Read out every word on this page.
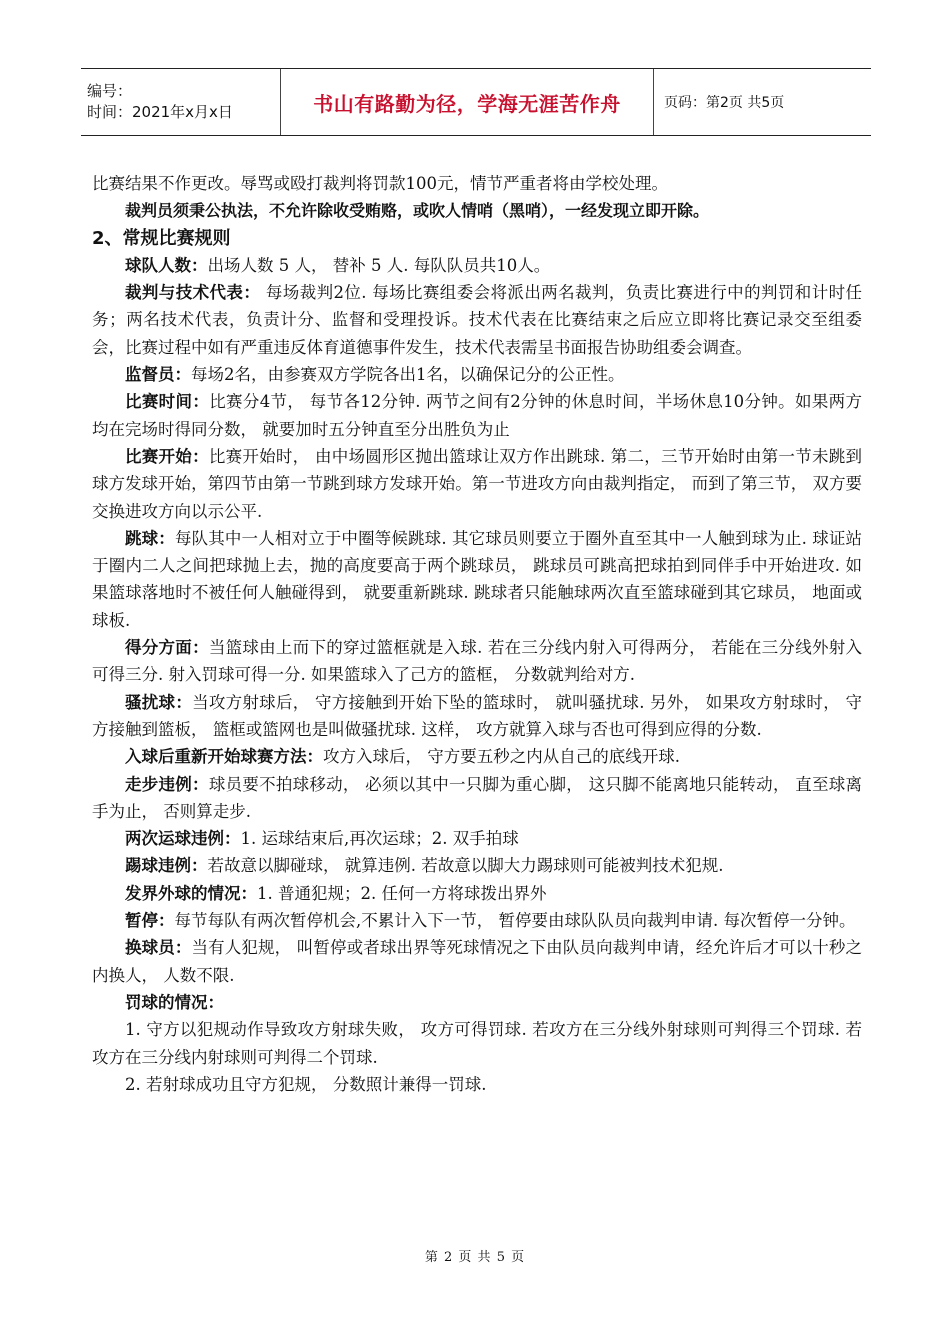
编号：
时间：2021年x月x日	书山有路勤为径，学海无涯苦作舟	页码：第2页 共5页

比赛结果不作更改。辱骂或殴打裁判将罚款100元，情节严重者将由学校处理。

裁判员须秉公执法，不允许除收受贿赂，或吹人情哨（黑哨），一经发现立即开除。

2、常规比赛规则

球队人数：出场人数 5 人， 替补 5 人. 每队队员共10人。

裁判与技术代表： 每场裁判2位. 每场比赛组委会将派出两名裁判，负责比赛进行中的判罚和计时任务；两名技术代表，负责计分、监督和受理投诉。技术代表在比赛结束之后应立即将比赛记录交至组委会，比赛过程中如有严重违反体育道德事件发生，技术代表需呈书面报告协助组委会调查。

监督员：每场2名，由参赛双方学院各出1名，以确保记分的公正性。

比赛时间：比赛分4节， 每节各12分钟. 两节之间有2分钟的休息时间，半场休息10分钟。如果两方均在完场时得同分数， 就要加时五分钟直至分出胜负为止

比赛开始：比赛开始时， 由中场圆形区抛出篮球让双方作出跳球. 第二，三节开始时由第一节未跳到球方发球开始，第四节由第一节跳到球方发球开始。第一节进攻方向由裁判指定， 而到了第三节， 双方要交换进攻方向以示公平.

跳球：每队其中一人相对立于中圈等候跳球. 其它球员则要立于圈外直至其中一人触到球为止. 球证站于圈内二人之间把球抛上去，抛的高度要高于两个跳球员， 跳球员可跳高把球拍到同伴手中开始进攻. 如果篮球落地时不被任何人触碰得到， 就要重新跳球. 跳球者只能触球两次直至篮球碰到其它球员， 地面或球板.

得分方面：当篮球由上而下的穿过篮框就是入球. 若在三分线内射入可得两分， 若能在三分线外射入可得三分. 射入罚球可得一分. 如果篮球入了己方的篮框， 分数就判给对方.

骚扰球：当攻方射球后， 守方接触到开始下坠的篮球时， 就叫骚扰球. 另外， 如果攻方射球时， 守方接触到篮板， 篮框或篮网也是叫做骚扰球. 这样， 攻方就算入球与否也可得到应得的分数.

入球后重新开始球赛方法：攻方入球后， 守方要五秒之内从自己的底线开球.

走步违例：球员要不拍球移动， 必须以其中一只脚为重心脚， 这只脚不能离地只能转动， 直至球离手为止， 否则算走步.

两次运球违例：1. 运球结束后,再次运球；2. 双手拍球

踢球违例：若故意以脚碰球， 就算违例. 若故意以脚大力踢球则可能被判技术犯规.

发界外球的情况：1. 普通犯规；2. 任何一方将球拨出界外

暂停：每节每队有两次暂停机会,不累计入下一节， 暂停要由球队队员向裁判申请. 每次暂停一分钟。

换球员：当有人犯规， 叫暂停或者球出界等死球情况之下由队员向裁判申请，经允许后才可以十秒之内换人， 人数不限.

罚球的情况：

1. 守方以犯规动作导致攻方射球失败， 攻方可得罚球. 若攻方在三分线外射球则可判得三个罚球. 若攻方在三分线内射球则可判得二个罚球.

2. 若射球成功且守方犯规， 分数照计兼得一罚球.

第 2 页 共 5 页
